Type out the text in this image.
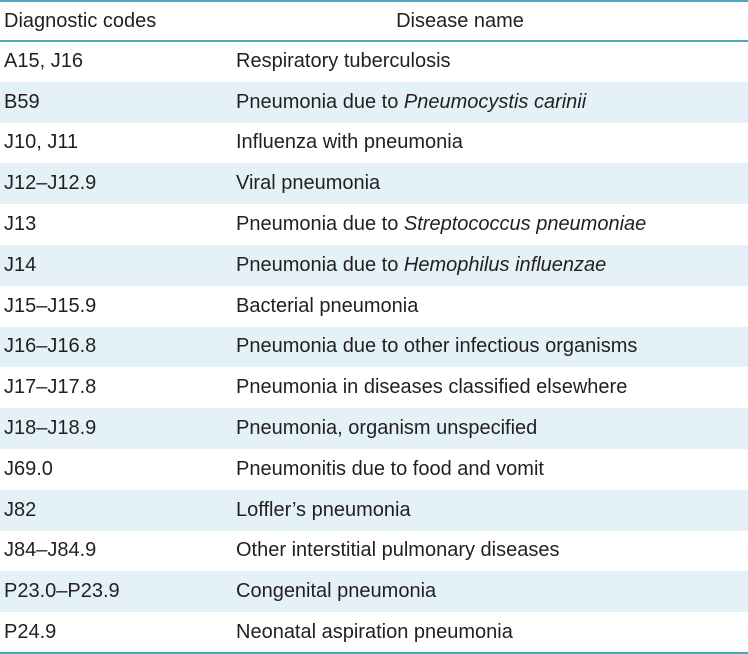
Diagnostic codes	Disease name
A15, J16	Respiratory tuberculosis
B59	Pneumonia due to Pneumocystis carinii
J10, J11	Influenza with pneumonia
J12–J12.9	Viral pneumonia
J13	Pneumonia due to Streptococcus pneumoniae
J14	Pneumonia due to Hemophilus influenzae
J15–J15.9	Bacterial pneumonia
J16–J16.8	Pneumonia due to other infectious organisms
J17–J17.8	Pneumonia in diseases classified elsewhere
J18–J18.9	Pneumonia, organism unspecified
J69.0	Pneumonitis due to food and vomit
J82	Loffler’s pneumonia
J84–J84.9	Other interstitial pulmonary diseases
P23.0–P23.9	Congenital pneumonia
P24.9	Neonatal aspiration pneumonia
